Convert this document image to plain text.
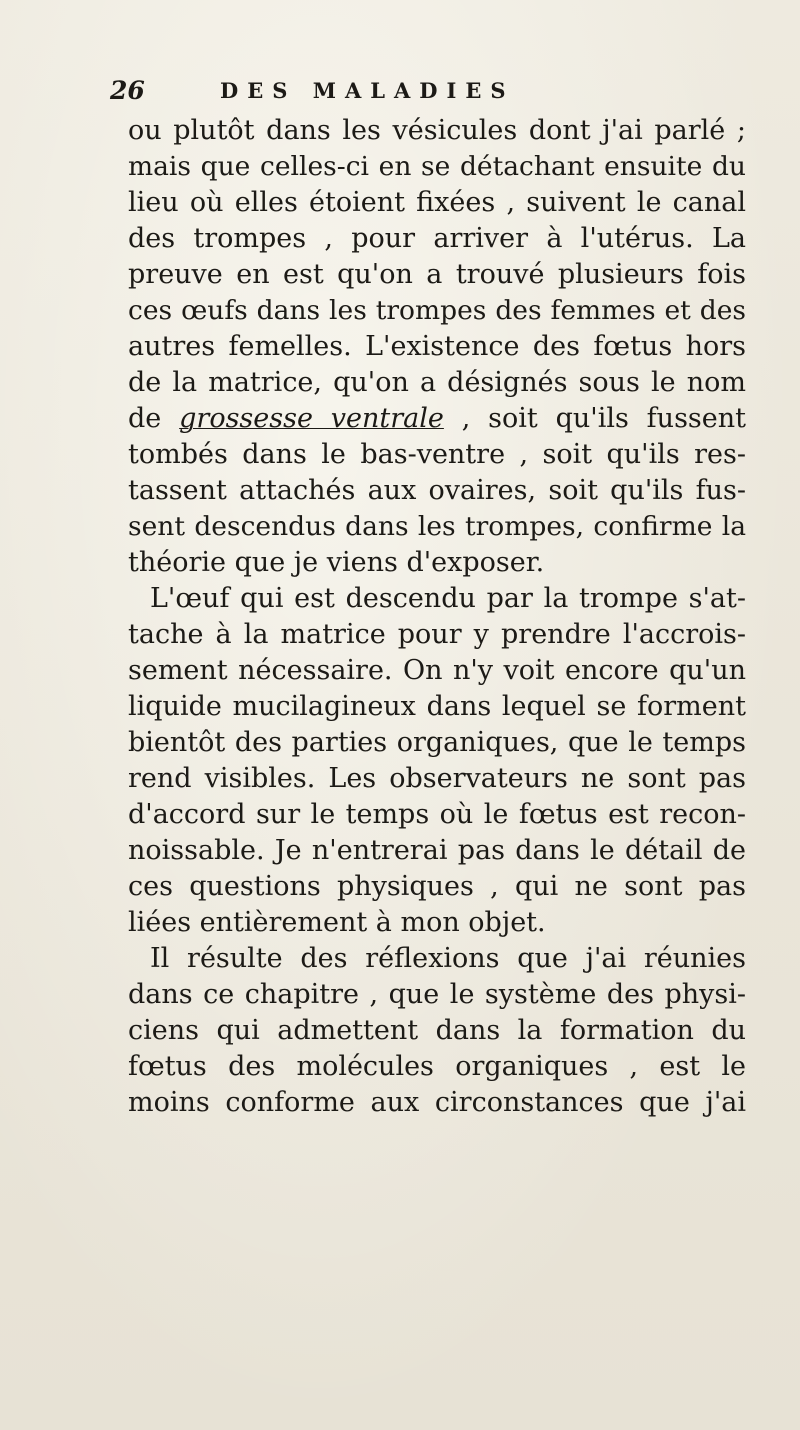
26	DES MALADIES
ou plutôt dans les vésicules dont j'ai parlé ;
mais que celles-ci en se détachant ensuite du
lieu où elles étoient fixées , suivent le canal
des trompes , pour arriver à l'utérus. La
preuve en est qu'on a trouvé plusieurs fois
ces œufs dans les trompes des femmes et des
autres femelles. L'existence des fœtus hors
de la matrice, qu'on a désignés sous le nom
de grossesse ventrale , soit qu'ils fussent
tombés dans le bas-ventre , soit qu'ils res-
tassent attachés aux ovaires, soit qu'ils fus-
sent descendus dans les trompes, confirme la
théorie que je viens d'exposer.
L'œuf qui est descendu par la trompe s'at-
tache à la matrice pour y prendre l'accrois-
sement nécessaire. On n'y voit encore qu'un
liquide mucilagineux dans lequel se forment
bientôt des parties organiques, que le temps
rend visibles. Les observateurs ne sont pas
d'accord sur le temps où le fœtus est recon-
noissable. Je n'entrerai pas dans le détail de
ces questions physiques , qui ne sont pas
liées entièrement à mon objet.
Il résulte des réflexions que j'ai réunies
dans ce chapitre , que le système des physi-
ciens qui admettent dans la formation du
fœtus des molécules organiques , est le
moins conforme aux circonstances que j'ai
